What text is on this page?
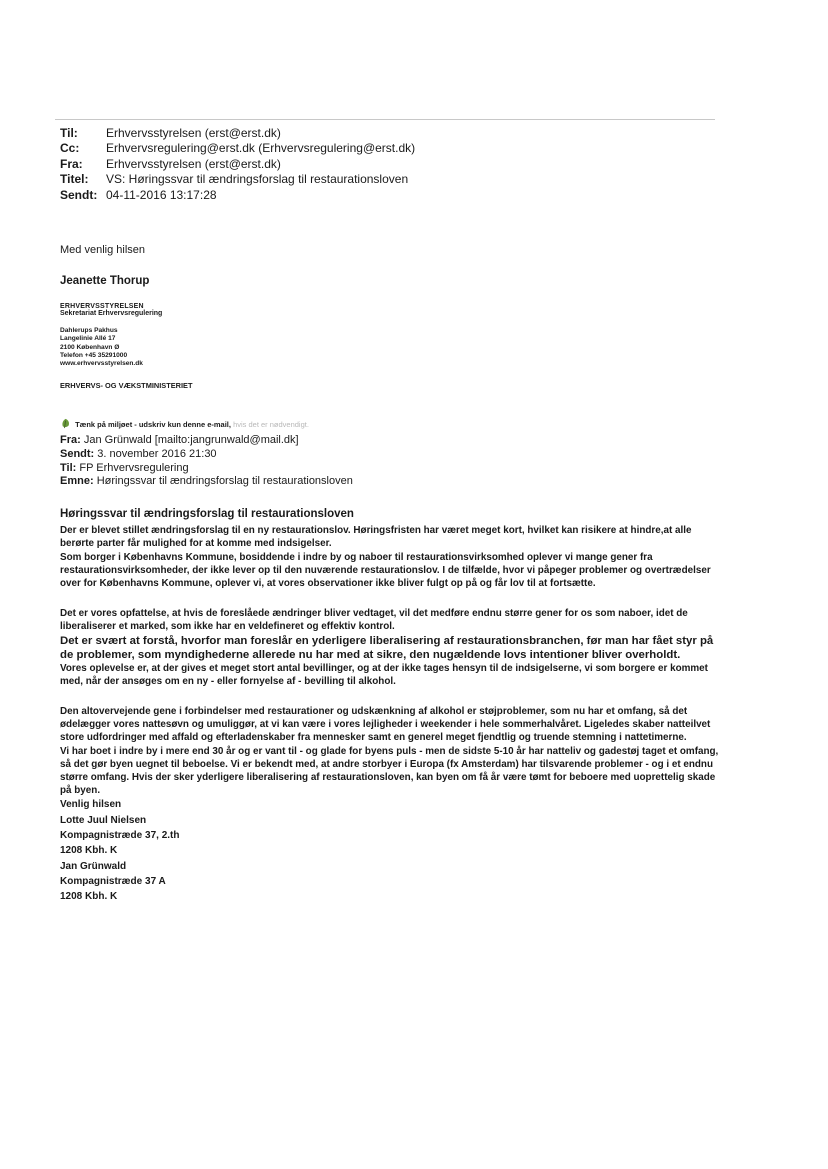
Til:	Erhvervsstyrelsen (erst@erst.dk)
Cc:	Erhvervsregulering@erst.dk (Erhvervsregulering@erst.dk)
Fra:	Erhvervsstyrelsen (erst@erst.dk)
Titel:	VS: Høringssvar til ændringsforslag til restaurationsloven
Sendt: 04-11-2016 13:17:28
Med venlig hilsen
Jeanette Thorup
ERHVERVSSTYRELSEN
Sekretariat Erhvervsregulering
Dahlerups Pakhus
Langelinie Allé 17
2100 København Ø
Telefon +45 35291000
www.erhvervsstyrelsen.dk
ERHVERVS- OG VÆKSTMINISTERIET
Tænk på miljøet - udskriv kun denne e-mail, hvis det er nødvendigt.
Fra: Jan Grünwald [mailto:jangrunwald@mail.dk]
Sendt: 3. november 2016 21:30
Til: FP Erhvervsregulering
Emne: Høringssvar til ændringsforslag til restaurationsloven
Høringssvar til ændringsforslag til restaurationsloven

Der er blevet stillet ændringsforslag til en ny restaurationslov. Høringsfristen har været meget kort, hvilket kan risikere at hindre,at alle berørte parter får mulighed for at komme med indsigelser.

Som borger i Københavns Kommune, bosiddende i indre by og naboer til restaurationsvirksomhed oplever vi mange gener fra restaurationsvirksomheder, der ikke lever op til den nuværende restaurationslov. I de tilfælde, hvor vi påpeger problemer og overtrædelser over for Københavns Kommune, oplever vi, at vores observationer ikke bliver fulgt op på og får lov til at fortsætte.

Det er vores opfattelse, at hvis de foreslåede ændringer bliver vedtaget, vil det medføre endnu større gener for os som naboer, idet de liberaliserer et marked, som ikke har en veldefineret og effektiv kontrol.

Det er svært at forstå, hvorfor man foreslår en yderligere liberalisering af restaurationsbranchen, før man har fået styr på de problemer, som myndighederne allerede nu har med at sikre, den nugældende lovs intentioner bliver overholdt.

Vores oplevelse er, at der gives et meget stort antal bevillinger, og at der ikke tages hensyn til de indsigelserne, vi som borgere er kommet med, når der ansøges om en ny - eller fornyelse af - bevilling til alkohol.

Den altovervejende gene i forbindelser med restaurationer og udskænkning af alkohol er støjproblemer, som nu har et omfang, så det ødelægger vores nattesøvn og umuliggør, at vi kan være i vores lejligheder i weekender i hele sommerhalvåret. Ligeledes skaber natteilvet store udfordringer med affald og efterladenskaber fra mennesker samt en generel meget fjendtlig og truende stemning i nattetimerne.

Vi har boet i indre by i mere end 30 år og er vant til - og glade for byens puls - men de sidste 5-10 år har natteliv og gadestøj taget et omfang, så det gør byen uegnet til beboelse. Vi er bekendt med, at andre storbyer i Europa (fx Amsterdam) har tilsvarende problemer - og i et endnu større omfang. Hvis der sker yderligere liberalisering af restaurationsloven, kan byen om få år være tømt for beboere med uoprettelig skade på byen.

Venlig hilsen
Lotte Juul Nielsen
Kompagnistræde 37, 2.th
1208 Kbh. K
Jan Grünwald
Kompagnistræde 37 A
1208 Kbh. K
